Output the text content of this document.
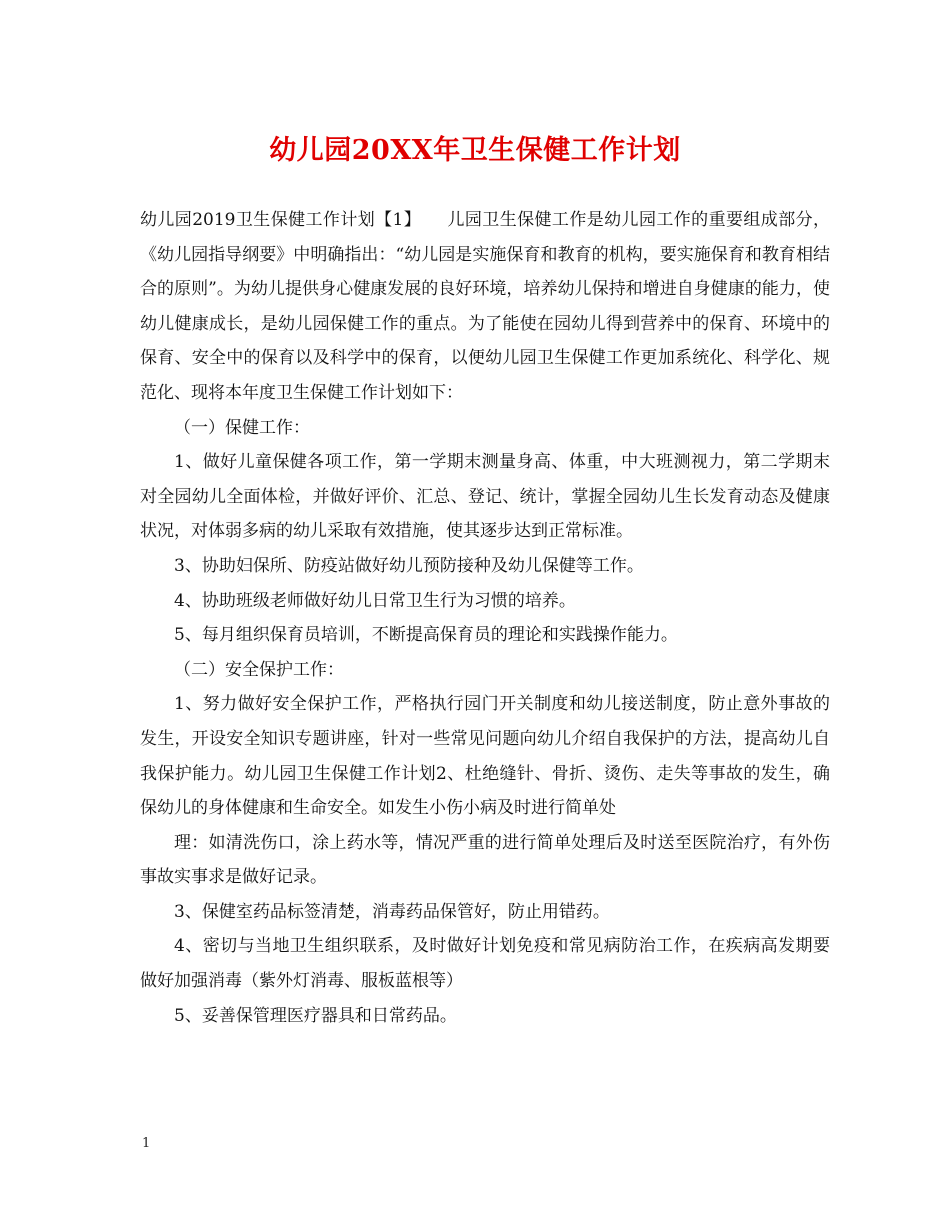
幼儿园20XX年卫生保健工作计划

幼儿园2019卫生保健工作计划【1】　　儿园卫生保健工作是幼儿园工作的重要组成部分，《幼儿园指导纲要》中明确指出：“幼儿园是实施保育和教育的机构，要实施保育和教育相结合的原则”。为幼儿提供身心健康发展的良好环境，培养幼儿保持和增进自身健康的能力，使幼儿健康成长，是幼儿园保健工作的重点。为了能使在园幼儿得到营养中的保育、环境中的保育、安全中的保育以及科学中的保育，以便幼儿园卫生保健工作更加系统化、科学化、规范化、现将本年度卫生保健工作计划如下：

（一）保健工作：

1、做好儿童保健各项工作，第一学期末测量身高、体重，中大班测视力，第二学期末对全园幼儿全面体检，并做好评价、汇总、登记、统计，掌握全园幼儿生长发育动态及健康状况，对体弱多病的幼儿采取有效措施，使其逐步达到正常标准。

3、协助妇保所、防疫站做好幼儿预防接种及幼儿保健等工作。

4、协助班级老师做好幼儿日常卫生行为习惯的培养。

5、每月组织保育员培训，不断提高保育员的理论和实践操作能力。

（二）安全保护工作：

1、努力做好安全保护工作，严格执行园门开关制度和幼儿接送制度，防止意外事故的发生，开设安全知识专题讲座，针对一些常见问题向幼儿介绍自我保护的方法，提高幼儿自我保护能力。幼儿园卫生保健工作计划2、杜绝缝针、骨折、烫伤、走失等事故的发生，确保幼儿的身体健康和生命安全。如发生小伤小病及时进行简单处

理：如清洗伤口，涂上药水等，情况严重的进行简单处理后及时送至医院治疗，有外伤事故实事求是做好记录。

3、保健室药品标签清楚，消毒药品保管好，防止用错药。

4、密切与当地卫生组织联系，及时做好计划免疫和常见病防治工作，在疾病高发期要做好加强消毒（紫外灯消毒、服板蓝根等）

5、妥善保管理医疗器具和日常药品。

1
